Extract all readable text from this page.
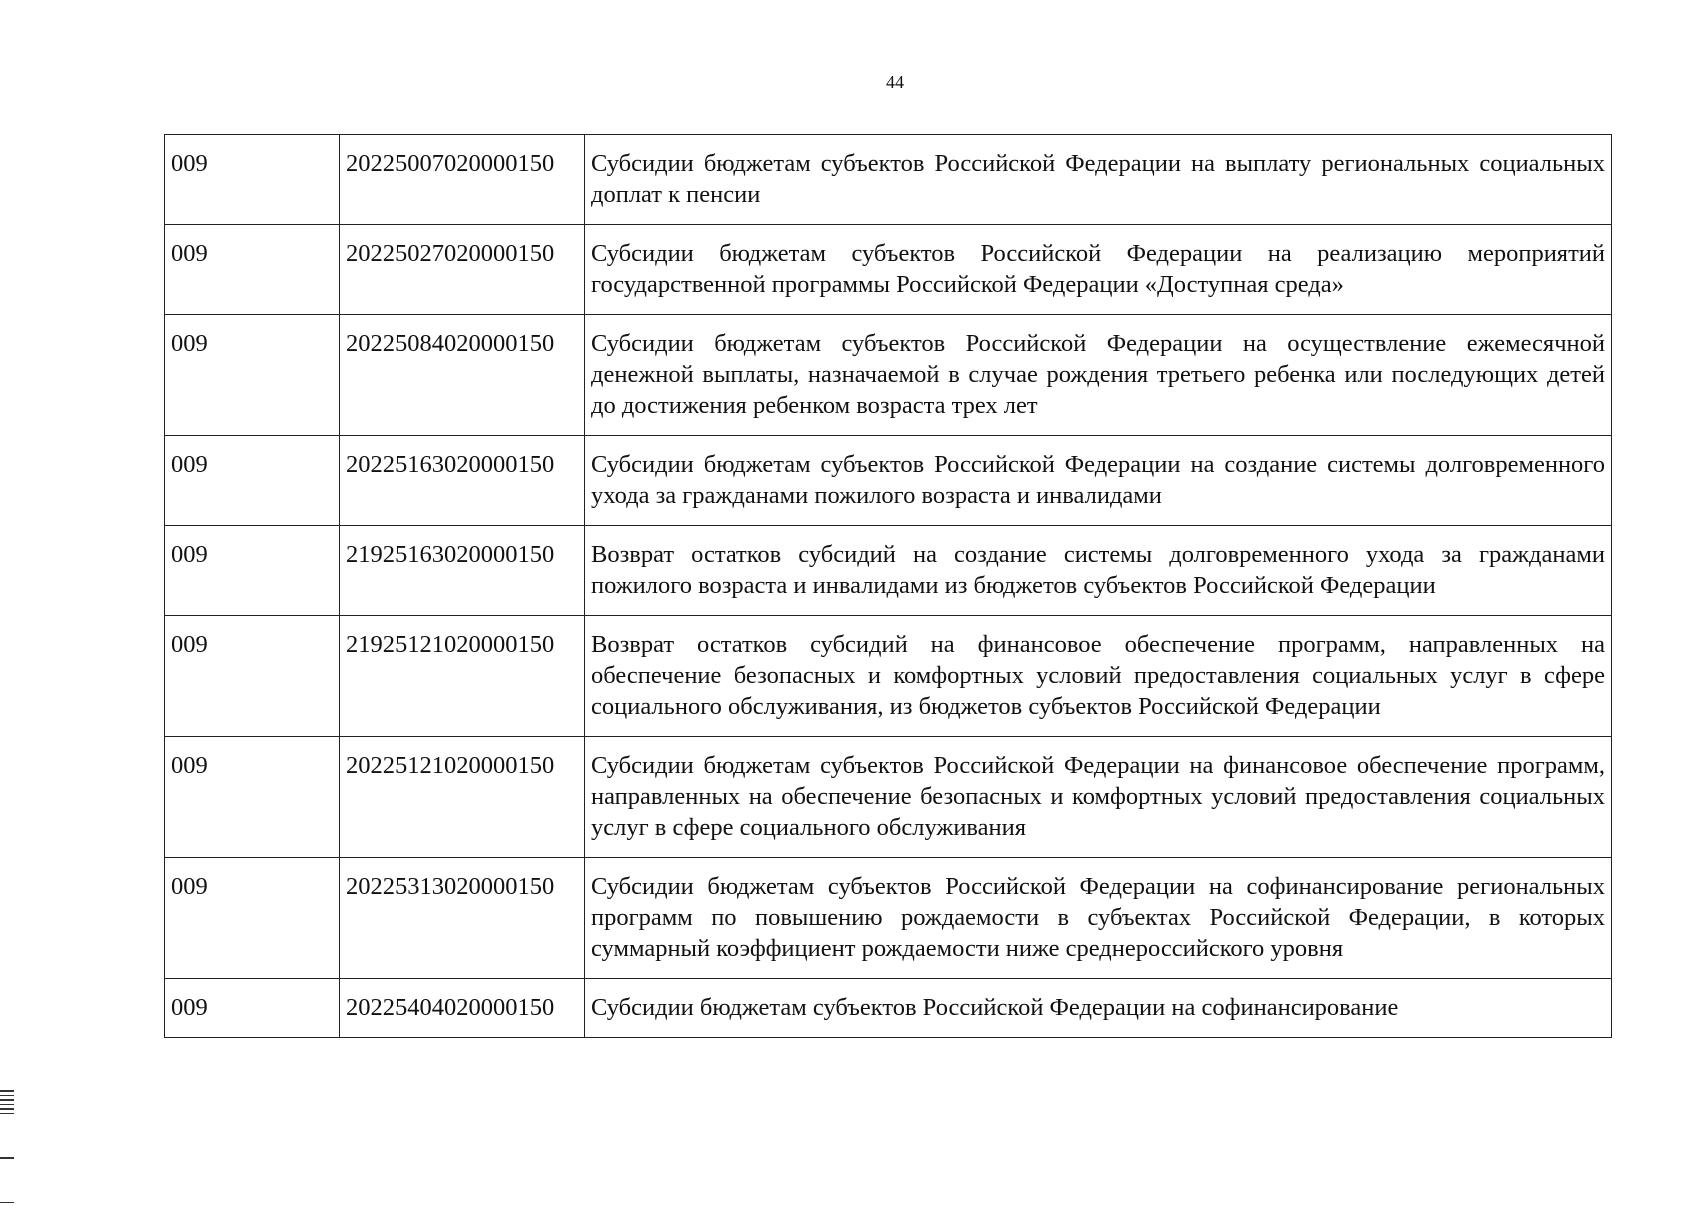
44
009	20225007020000150	Субсидии бюджетам субъектов Российской Федерации на выплату региональных социальных доплат к пенсии
009	20225027020000150	Субсидии бюджетам субъектов Российской Федерации на реализацию мероприятий государственной программы Российской Федерации «Доступная среда»
009	20225084020000150	Субсидии бюджетам субъектов Российской Федерации на осуществление ежемесячной денежной выплаты, назначаемой в случае рождения третьего ребенка или последующих детей до достижения ребенком возраста трех лет
009	20225163020000150	Субсидии бюджетам субъектов Российской Федерации на создание системы долговременного ухода за гражданами пожилого возраста и инвалидами
009	21925163020000150	Возврат остатков субсидий на создание системы долговременного ухода за гражданами пожилого возраста и инвалидами из бюджетов субъектов Российской Федерации
009	21925121020000150	Возврат остатков субсидий на финансовое обеспечение программ, направленных на обеспечение безопасных и комфортных условий предоставления социальных услуг в сфере социального обслуживания, из бюджетов субъектов Российской Федерации
009	20225121020000150	Субсидии бюджетам субъектов Российской Федерации на финансовое обеспечение программ, направленных на обеспечение безопасных и комфортных условий предоставления социальных услуг в сфере социального обслуживания
009	20225313020000150	Субсидии бюджетам субъектов Российской Федерации на софинансирование региональных программ по повышению рождаемости в субъектах Российской Федерации, в которых суммарный коэффициент рождаемости ниже среднероссийского уровня
009	20225404020000150	Субсидии бюджетам субъектов Российской Федерации на софинансирование
